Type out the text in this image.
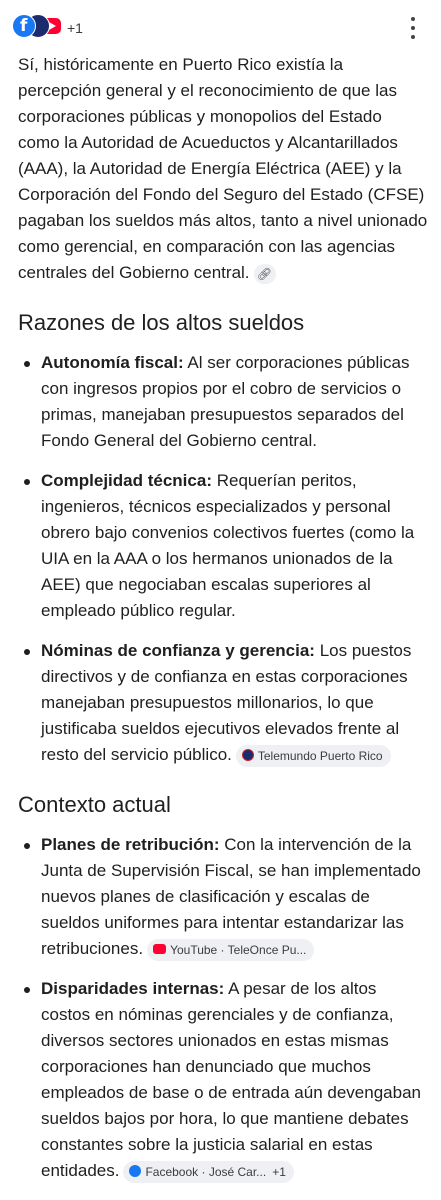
f	+1

Sí, históricamente en Puerto Rico existía la percepción general y el reconocimiento de que las corporaciones públicas y monopolios del Estado como la Autoridad de Acueductos y Alcantarillados (AAA), la Autoridad de Energía Eléctrica (AEE) y la Corporación del Fondo del Seguro del Estado (CFSE) pagaban los sueldos más altos, tanto a nivel unionado como gerencial, en comparación con las agencias centrales del Gobierno central. 🔗︎

Razones de los altos sueldos
Autonomía fiscal: Al ser corporaciones públicas con ingresos propios por el cobro de servicios o primas, manejaban presupuestos separados del Fondo General del Gobierno central.
Complejidad técnica: Requerían peritos, ingenieros, técnicos especializados y personal obrero bajo convenios colectivos fuertes (como la UIA en la AAA o los hermanos unionados de la AEE) que negociaban escalas superiores al empleado público regular.
Nóminas de confianza y gerencia: Los puestos directivos y de confianza en estas corporaciones manejaban presupuestos millonarios, lo que justificaba sueldos ejecutivos elevados frente al resto del servicio público. Telemundo Puerto Rico
Contexto actual
Planes de retribución: Con la intervención de la Junta de Supervisión Fiscal, se han implementado nuevos planes de clasificación y escalas de sueldos uniformes para intentar estandarizar las retribuciones. YouTube · TeleOnce Pu...
Disparidades internas: A pesar de los altos costos en nóminas gerenciales y de confianza, diversos sectores unionados en estas mismas corporaciones han denunciado que muchos empleados de base o de entrada aún devengaban sueldos bajos por hora, lo que mantiene debates constantes sobre la justicia salarial en estas entidades. Facebook · José Car... +1
